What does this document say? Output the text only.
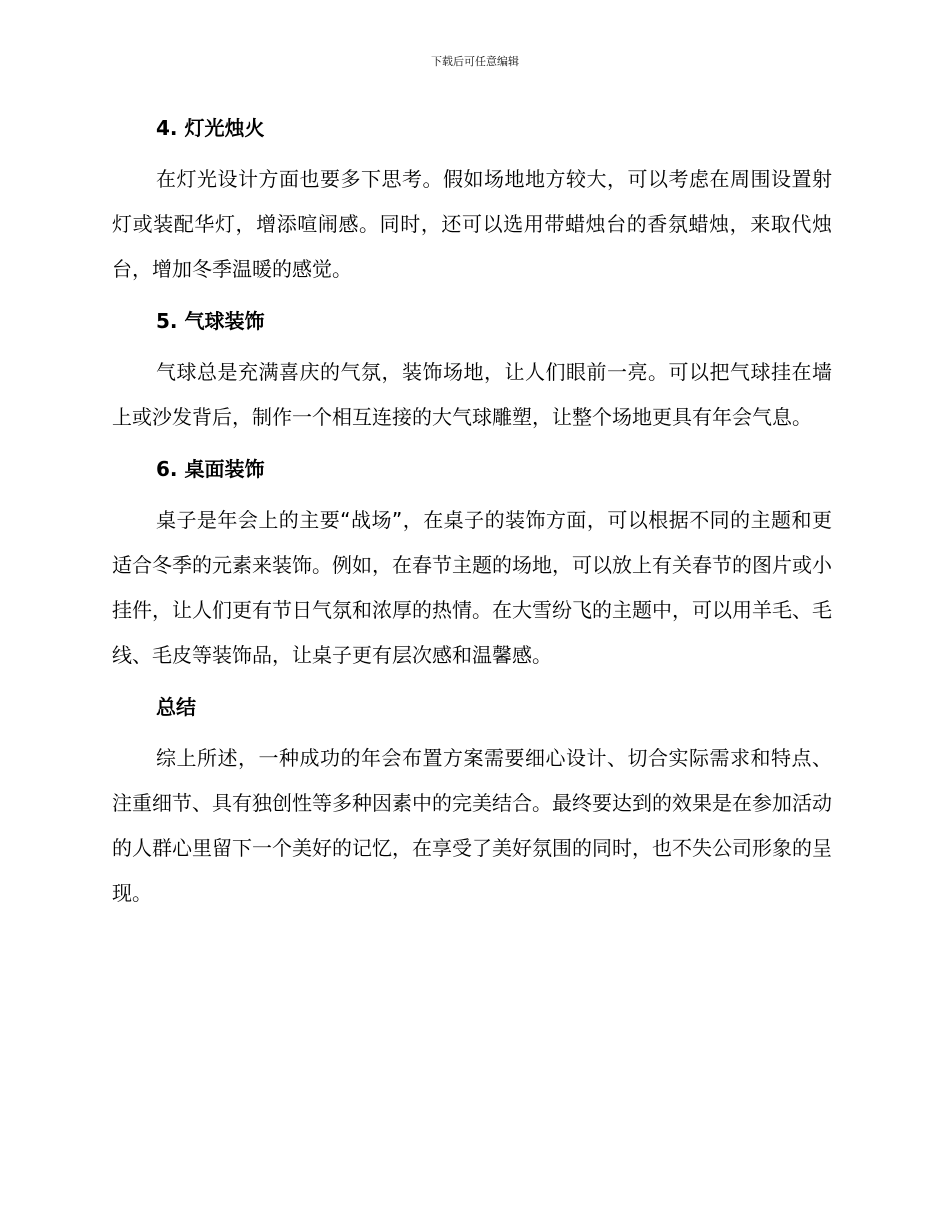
下载后可任意编辑
4. 灯光烛火

在灯光设计方面也要多下思考。假如场地地方较大，可以考虑在周围设置射灯或装配华灯，增添喧闹感。同时，还可以选用带蜡烛台的香氛蜡烛，来取代烛台，增加冬季温暖的感觉。

5. 气球装饰

气球总是充满喜庆的气氛，装饰场地，让人们眼前一亮。可以把气球挂在墙上或沙发背后，制作一个相互连接的大气球雕塑，让整个场地更具有年会气息。

6. 桌面装饰

桌子是年会上的主要“战场”，在桌子的装饰方面，可以根据不同的主题和更适合冬季的元素来装饰。例如，在春节主题的场地，可以放上有关春节的图片或小挂件，让人们更有节日气氛和浓厚的热情。在大雪纷飞的主题中，可以用羊毛、毛线、毛皮等装饰品，让桌子更有层次感和温馨感。

总结

综上所述，一种成功的年会布置方案需要细心设计、切合实际需求和特点、注重细节、具有独创性等多种因素中的完美结合。最终要达到的效果是在参加活动的人群心里留下一个美好的记忆，在享受了美好氛围的同时，也不失公司形象的呈现。
